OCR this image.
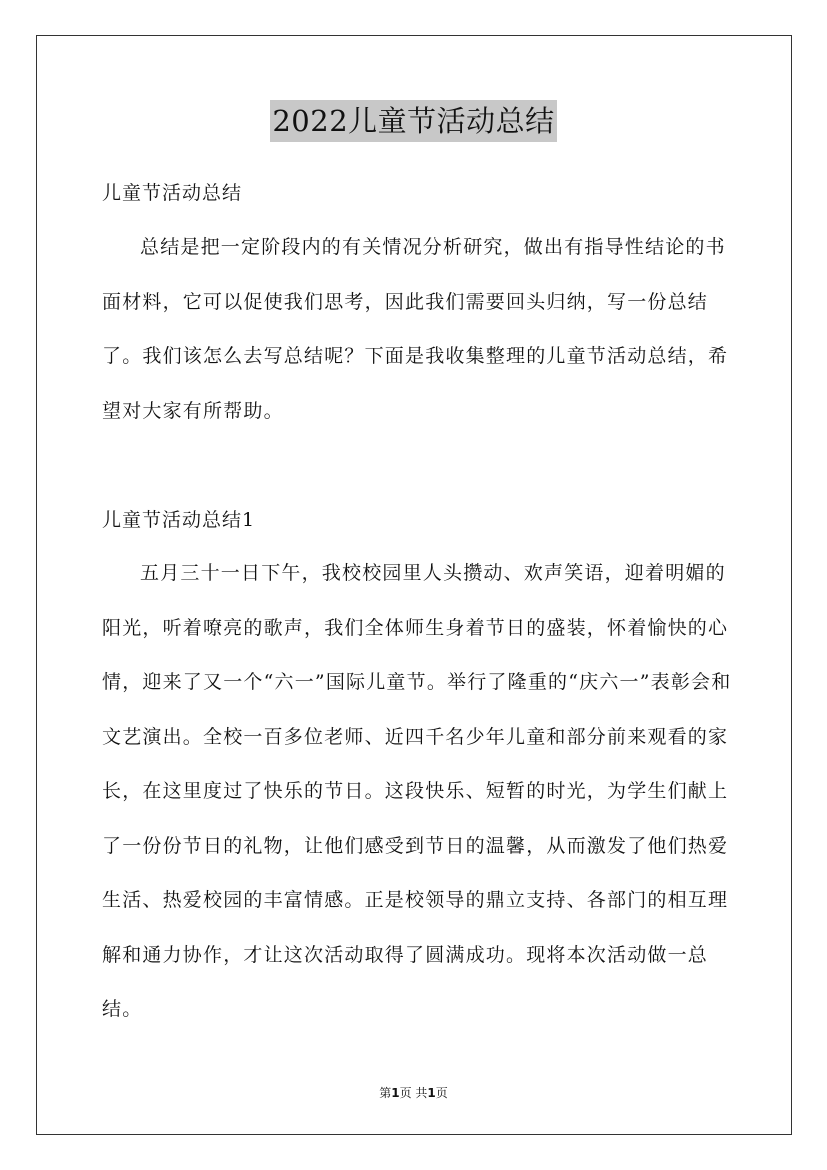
2022儿童节活动总结
儿童节活动总结
总结是把一定阶段内的有关情况分析研究，做出有指导性结论的书面材料，它可以促使我们思考，因此我们需要回头归纳，写一份总结了。我们该怎么去写总结呢？下面是我收集整理的儿童节活动总结，希望对大家有所帮助。
儿童节活动总结1
五月三十一日下午，我校校园里人头攒动、欢声笑语，迎着明媚的阳光，听着嘹亮的歌声，我们全体师生身着节日的盛装，怀着愉快的心情，迎来了又一个“六一”国际儿童节。举行了隆重的“庆六一”表彰会和文艺演出。全校一百多位老师、近四千名少年儿童和部分前来观看的家长，在这里度过了快乐的节日。这段快乐、短暂的时光，为学生们献上了一份份节日的礼物，让他们感受到节日的温馨，从而激发了他们热爱生活、热爱校园的丰富情感。正是校领导的鼎立支持、各部门的相互理解和通力协作，才让这次活动取得了圆满成功。现将本次活动做一总结。
第1页 共1页
